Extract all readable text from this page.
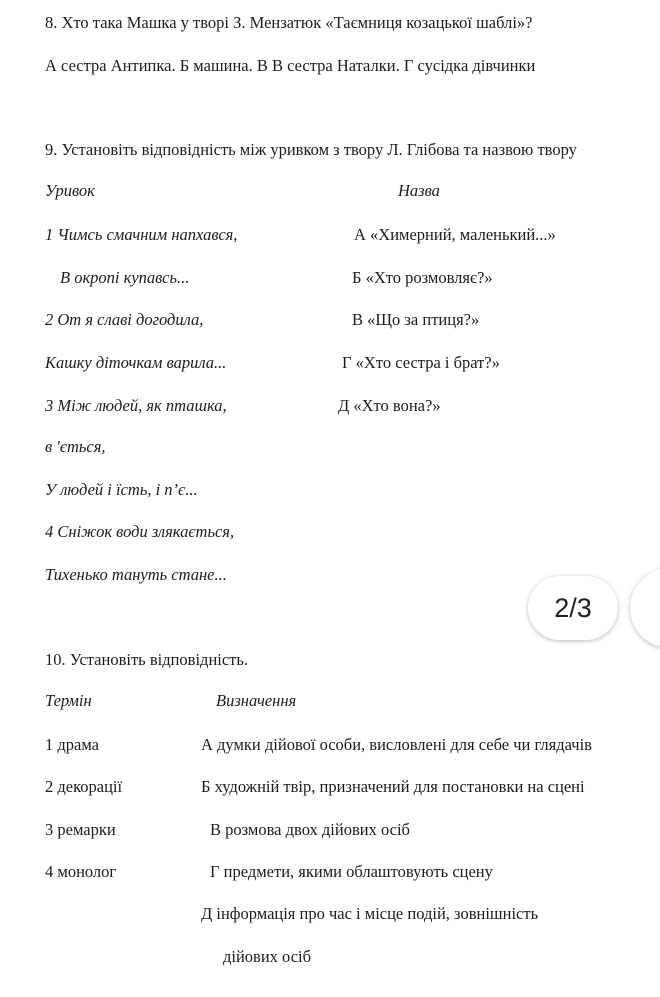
8. Хто така Машка у творі З. Мензатюк «Таємниця козацької шаблі»?
А сестра Антипка. Б машина. В В сестра Наталки. Г сусідка дівчинки
9. Установіть відповідність між уривком з твору Л. Глібова та назвою твору
Уривок	Назва
1 Чимсь смачним напхався,
В окропі купавсь...
2 От я славі догодила,
Кашку діточкам варила...
3 Між людей, як пташка,
в 'ється,
У людей і їсть, і п’є...
4 Сніжок води злякається,
Тихенько тануть стане...
А «Химерний, маленький...»
Б «Хто розмовляє?»
В «Що за птиця?»
Г «Хто сестра і брат?»
Д «Хто вона?»
2/3
10. Установіть відповідність.
Термін	Визначення
1 драма
2 декорації
3 ремарки
4 монолог
А думки дійової особи, висловлені для себе чи глядачів
Б художній твір, призначений для постановки на сцені
В розмова двох дійових осіб
Г предмети, якими облаштовують сцену
Д інформація про час і місце подій, зовнішність
дійових осіб
